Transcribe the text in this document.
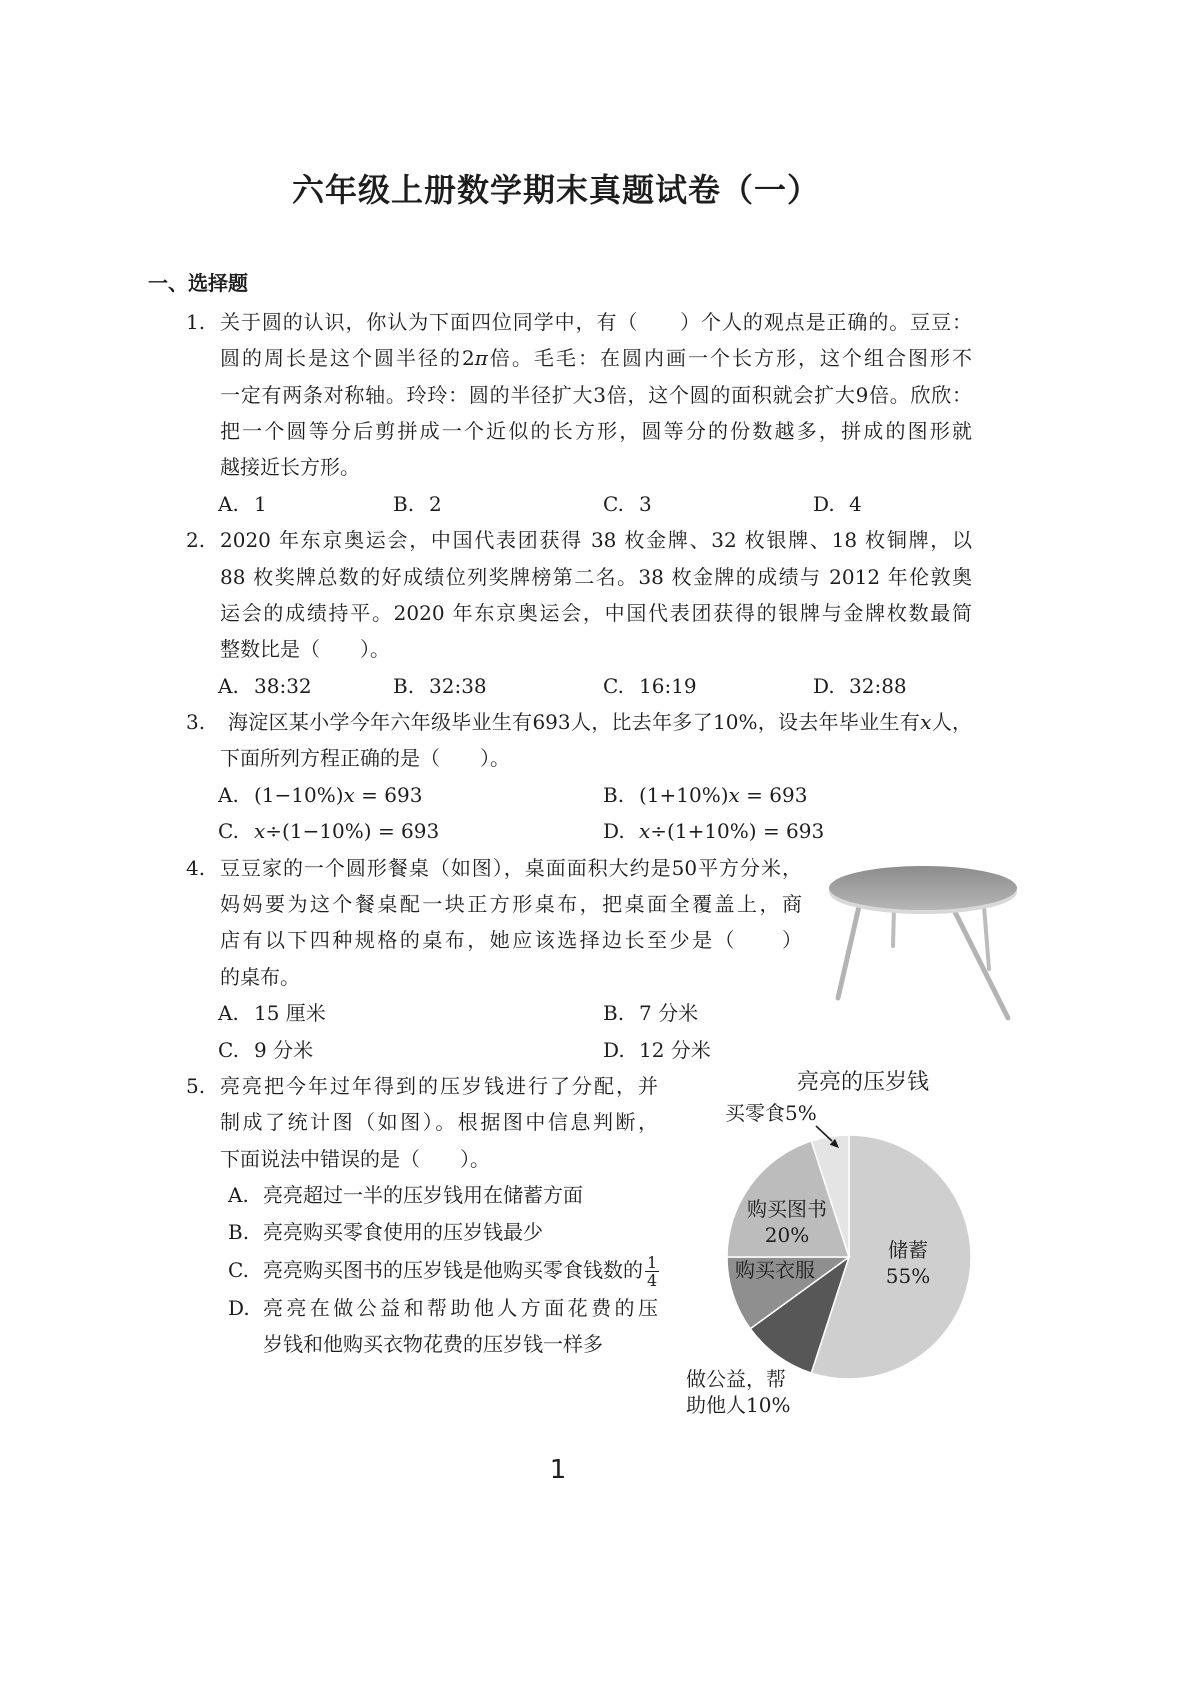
六年级上册数学期末真题试卷（一）
一、选择题
1. 关于圆的认识，你认为下面四位同学中，有（　　）个人的观点是正确的。豆豆：
圆的周长是这个圆半径的2π倍。毛毛：在圆内画一个长方形，这个组合图形不
一定有两条对称轴。玲玲：圆的半径扩大3倍，这个圆的面积就会扩大9倍。欣欣：
把一个圆等分后剪拼成一个近似的长方形，圆等分的份数越多，拼成的图形就
越接近长方形。
A. 1	B. 2	C. 3	D. 4
2. 2020 年东京奥运会，中国代表团获得 38 枚金牌、32 枚银牌、18 枚铜牌，以
88 枚奖牌总数的好成绩位列奖牌榜第二名。38 枚金牌的成绩与 2012 年伦敦奥
运会的成绩持平。2020 年东京奥运会，中国代表团获得的银牌与金牌枚数最简
整数比是（　　）。
A. 38:32	B. 32:38	C. 16:19	D. 32:88
3. 海淀区某小学今年六年级毕业生有693人，比去年多了10%，设去年毕业生有x人，
下面所列方程正确的是（　　）。
A. (1−10%)x = 693	B. (1+10%)x = 693
C. x÷(1−10%) = 693	D. x÷(1+10%) = 693
4. 豆豆家的一个圆形餐桌（如图），桌面面积大约是50平方分米，
妈妈要为这个餐桌配一块正方形桌布，把桌面全覆盖上，商
店有以下四种规格的桌布，她应该选择边长至少是（　　）
的桌布。
A. 15 厘米	B. 7 分米
C. 9 分米	D. 12 分米
5. 亮亮把今年过年得到的压岁钱进行了分配，并
制成了统计图（如图）。根据图中信息判断，
下面说法中错误的是（　　）。
A. 亮亮超过一半的压岁钱用在储蓄方面
B. 亮亮购买零食使用的压岁钱最少
C. 亮亮购买图书的压岁钱是他购买零食钱数的 $\frac{1}{4}$
D. 亮亮在做公益和帮助他人方面花费的压
岁钱和他购买衣物花费的压岁钱一样多
亮亮的压岁钱
买零食5%
购买图书
20%
储蓄
55%
购买衣服
做公益，帮
助他人10%
1
